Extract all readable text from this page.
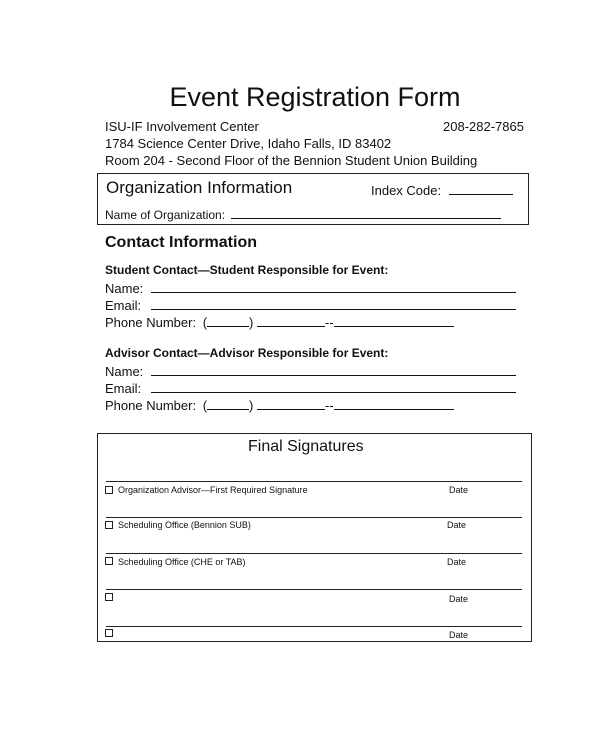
Event Registration Form
ISU-IF Involvement Center	208-282-7865
1784 Science Center Drive, Idaho Falls, ID 83402
Room 204 - Second Floor of the Bennion Student Union Building
Organization Information	Index Code:
Name of Organization:
Contact Information
Student Contact—Student Responsible for Event:
Name:
Email:
Phone Number: (	)	--
Advisor Contact—Advisor Responsible for Event:
Name:
Email:
Phone Number: (	)	--
Final Signatures
Organization Advisor—First Required Signature	Date
Scheduling Office (Bennion SUB)	Date
Scheduling Office (CHE or TAB)	Date
Date
Date
